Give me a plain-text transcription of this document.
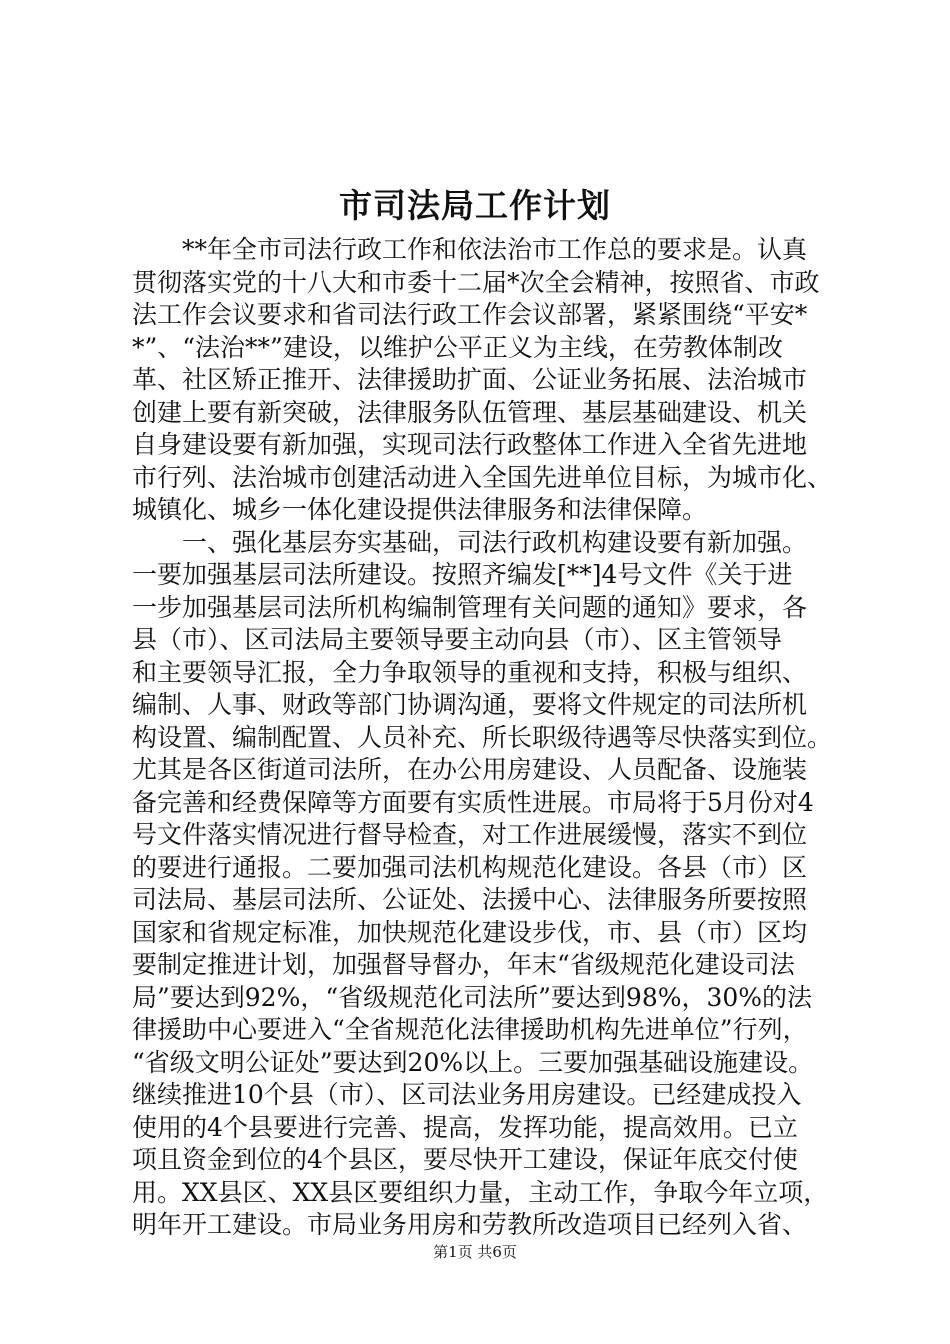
市司法局工作计划
　　**年全市司法行政工作和依法治市工作总的要求是。认真
贯彻落实党的十八大和市委十二届*次全会精神，按照省、市政
法工作会议要求和省司法行政工作会议部署，紧紧围绕“平安*
*”、“法治**”建设，以维护公平正义为主线，在劳教体制改
革、社区矫正推开、法律援助扩面、公证业务拓展、法治城市
创建上要有新突破，法律服务队伍管理、基层基础建设、机关
自身建设要有新加强，实现司法行政整体工作进入全省先进地
市行列、法治城市创建活动进入全国先进单位目标，为城市化、
城镇化、城乡一体化建设提供法律服务和法律保障。
　　一、强化基层夯实基础，司法行政机构建设要有新加强。
一要加强基层司法所建设。按照齐编发[**]4号文件《关于进
一步加强基层司法所机构编制管理有关问题的通知》要求，各
县（市）、区司法局主要领导要主动向县（市）、区主管领导
和主要领导汇报，全力争取领导的重视和支持，积极与组织、
编制、人事、财政等部门协调沟通，要将文件规定的司法所机
构设置、编制配置、人员补充、所长职级待遇等尽快落实到位。
尤其是各区街道司法所，在办公用房建设、人员配备、设施装
备完善和经费保障等方面要有实质性进展。市局将于5月份对4
号文件落实情况进行督导检查，对工作进展缓慢，落实不到位
的要进行通报。二要加强司法机构规范化建设。各县（市）区
司法局、基层司法所、公证处、法援中心、法律服务所要按照
国家和省规定标准，加快规范化建设步伐，市、县（市）区均
要制定推进计划，加强督导督办，年末“省级规范化建设司法
局”要达到92%，“省级规范化司法所”要达到98%，30%的法
律援助中心要进入“全省规范化法律援助机构先进单位”行列，
“省级文明公证处”要达到20%以上。三要加强基础设施建设。
继续推进10个县（市）、区司法业务用房建设。已经建成投入
使用的4个县要进行完善、提高，发挥功能，提高效用。已立
项且资金到位的4个县区，要尽快开工建设，保证年底交付使
用。XX县区、XX县区要组织力量，主动工作，争取今年立项，
明年开工建设。市局业务用房和劳教所改造项目已经列入省、
第1页 共6页
